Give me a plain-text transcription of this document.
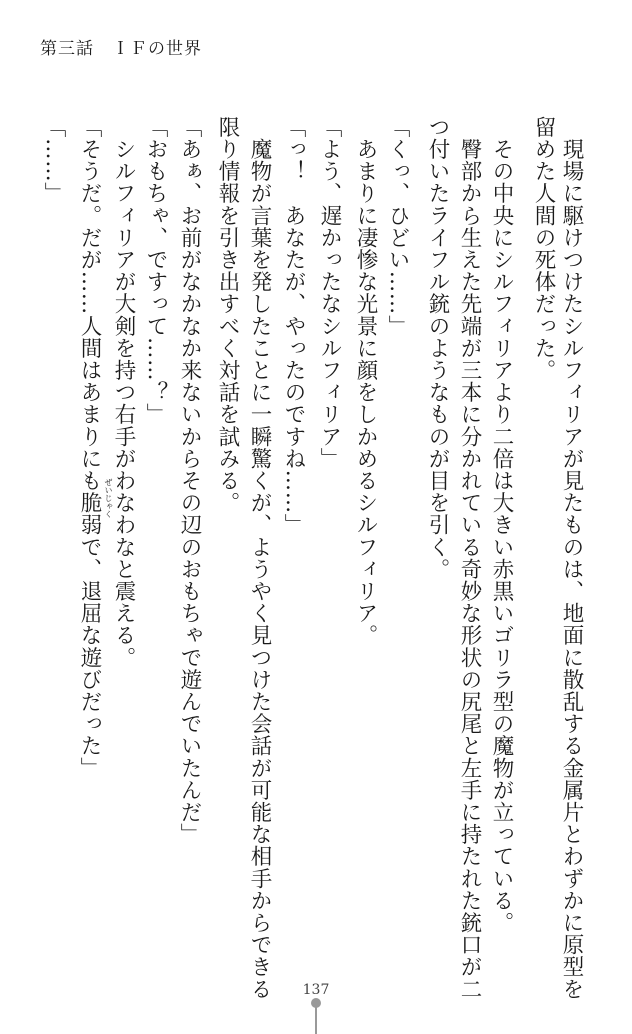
第三話　ＩＦの世界
　現場に駆けつけたシルフィリアが見たものは、地面に散乱する金属片とわずかに原型を
留めた人間の死体だった。
　その中央にシルフィリアより二倍は大きい赤黒いゴリラ型の魔物が立っている。
　臀部から生えた先端が三本に分かれている奇妙な形状の尻尾と左手に持たれた銃口が二
つ付いたライフル銃のようなものが目を引く。
「くっ、ひどい……」
　あまりに凄惨な光景に顔をしかめるシルフィリア。
「よう、遅かったなシルフィリア」
「っ！　あなたが、やったのですね……」
　魔物が言葉を発したことに一瞬驚くが、ようやく見つけた会話が可能な相手からできる
限り情報を引き出すべく対話を試みる。
「あぁ、お前がなかなか来ないからその辺のおもちゃで遊んでいたんだ」
「おもちゃ、ですって……？」
　シルフィリアが大剣を持つ右手がわなわなと震える。
「そうだ。だが……人間はあまりにも脆弱で、退屈な遊びだった」
「……」
ぜいじゃく
137
